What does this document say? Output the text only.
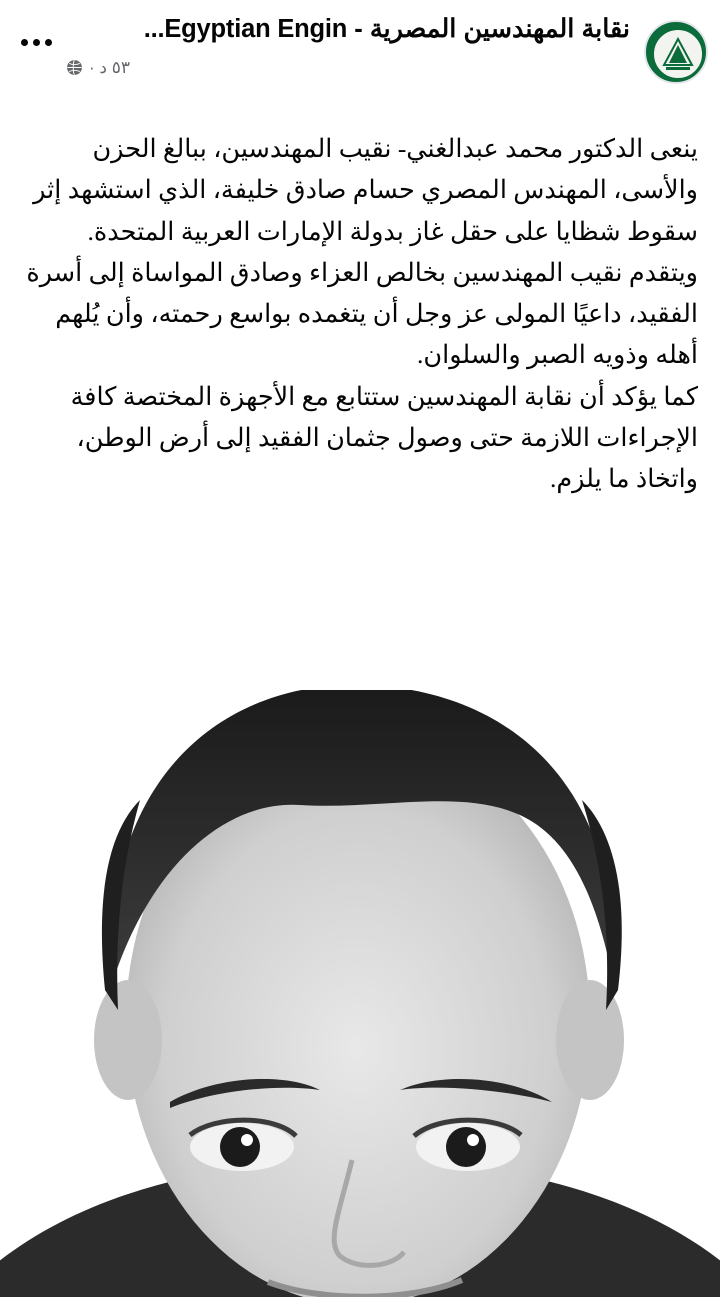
نقابة المهندسين المصرية - Egyptian Engin...
٥٣ د ·

ينعى الدكتور محمد عبدالغني- نقيب المهندسين، ببالغ الحزن والأسى، المهندس المصري حسام صادق خليفة، الذي استشهد إثر سقوط شظايا على حقل غاز بدولة الإمارات العربية المتحدة.

ويتقدم نقيب المهندسين بخالص العزاء وصادق المواساة إلى أسرة الفقيد، داعيًا المولى عز وجل أن يتغمده بواسع رحمته، وأن يُلهم أهله وذويه الصبر والسلوان.

كما يؤكد أن نقابة المهندسين ستتابع مع الأجهزة المختصة كافة الإجراءات اللازمة حتى وصول جثمان الفقيد إلى أرض الوطن، واتخاذ ما يلزم.
